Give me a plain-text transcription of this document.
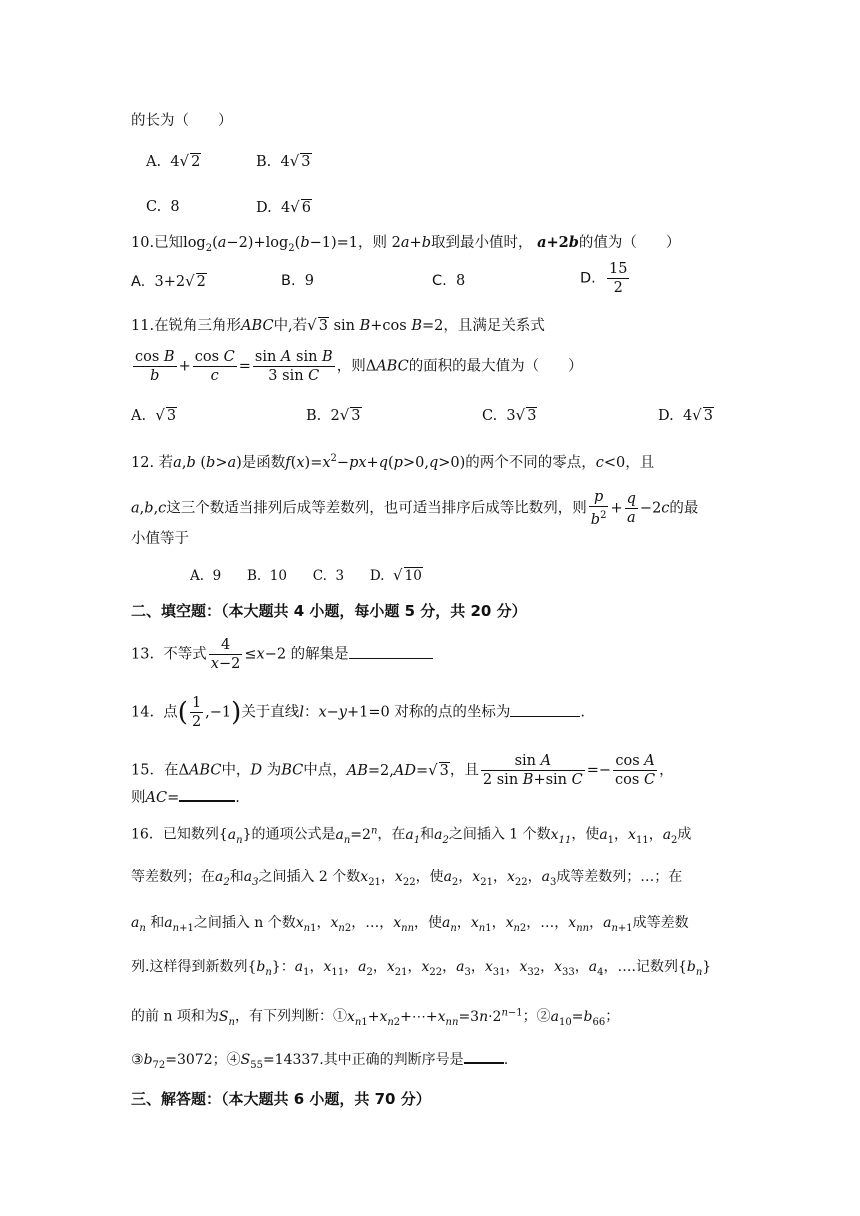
的长为（　　）
A. 4√ 2	B. 4√ 3
C. 8	D. 4√ 6
10.已知$\log_2(a-2)+\log_2(b-1)=1$，则 2a+b取到最小值时， a+2b的值为（　　）
A. 3+2√ 2	B. 9	C. 8	D. $\frac{15}{2}$
11.在锐角三角形ABC中,若√ 3 sin B+cos B=2，且满足关系式
$\frac{\text{cos B}}{b} + \frac{\text{cos C}}{c} = \frac{\text{sin A sin B}}{\text{3 sin C}}$ ，则ΔABC的面积的最大值为（　　）
A. √ 3	B. 2√ 3	C. 3√ 3	D. 4√ 3
12. 若a,b (b>a)是函数$f(x)=x^2-px+q(p>0,q>0)$的两个不同的零点，c<0，且
a,b,c这三个数适当排列后成等差数列，也可适当排序后成等比数列，则 $\frac{p}{b^2} + \frac{q}{a} -2c$的最
小值等于
A. 9 B. 10 C. 3 D. √ 10
二、填空题：（本大题共 4 小题，每小题 5 分，共 20 分）
13. 不等式 $\frac{4}{x-2} \le x-2$ 的解集是
14. 点( $\frac{1}{2} ,-1$)关于直线l：x−y+1=0 对称的点的坐标为	.
15．在ΔABC中，D 为BC中点，AB=2,AD=√ 3，且 $\frac{\text{sin A}}{\text{2 sin B+sin C}} =- \frac{\text{cos A}}{\text{cos C}}$ ，
则AC=	.
16．已知数列$\{a_n\}$的通项公式是$a_n=2^n$，在$a_1$和$a_2$之间插入 1 个数$x_{11}$，使$a_1$，$x_{11}$，$a_2$成
等差数列；在$a_2$和$a_3$之间插入 2 个数$x_{21}$，$x_{22}$，使$a_2$，$x_{21}$，$x_{22}$，$a_3$成等差数列；…；在
$a_n$ 和$a_{n+1}$之间插入 n 个数$x_{n1}$，$x_{n2}$，…，$x_{nn}$，使$a_n$，$x_{n1}$，$x_{n2}$，…，$x_{nn}$，$a_{n+1}$成等差数
列.这样得到新数列$\{b_n\}$：$a_1$，$x_{11}$，$a_2$，$x_{21}$，$x_{22}$，$a_3$，$x_{31}$，$x_{32}$，$x_{33}$，$a_4$，….记数列$\{b_n\}$
的前 n 项和为$S_n$，有下列判断：$①x_{n1}+x_{n2}+\cdots+x_{nn}=3n\cdot 2^{n-1}$；$②a_{10}=b_{66}$；
$③b_{72}=3072$；$④S_{55}=14337$.其中正确的判断序号是	.
三、解答题：（本大题共 6 小题，共 70 分）
